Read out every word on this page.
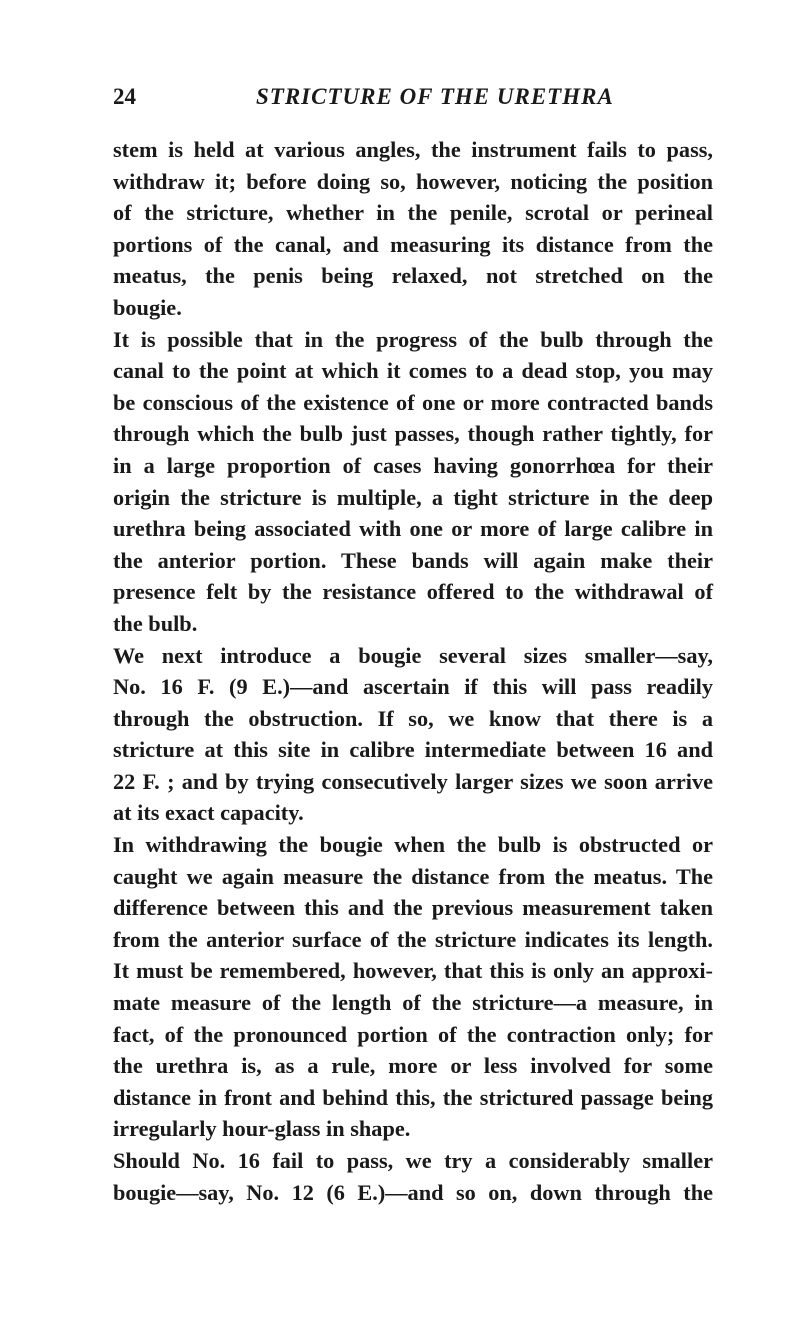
24	STRICTURE OF THE URETHRA
stem is held at various angles, the instrument fails to pass,
withdraw it; before doing so, however, noticing the position
of the stricture, whether in the penile, scrotal or perineal
portions of the canal, and measuring its distance from the
meatus, the penis being relaxed, not stretched on the
bougie.
It is possible that in the progress of the bulb through the
canal to the point at which it comes to a dead stop, you may
be conscious of the existence of one or more contracted bands
through which the bulb just passes, though rather tightly, for
in a large proportion of cases having gonorrhœa for their
origin the stricture is multiple, a tight stricture in the deep
urethra being associated with one or more of large calibre in
the anterior portion. These bands will again make their
presence felt by the resistance offered to the withdrawal of
the bulb.
We next introduce a bougie several sizes smaller—say,
No. 16 F. (9 E.)—and ascertain if this will pass readily
through the obstruction. If so, we know that there is a
stricture at this site in calibre intermediate between 16 and
22 F. ; and by trying consecutively larger sizes we soon arrive
at its exact capacity.
In withdrawing the bougie when the bulb is obstructed or
caught we again measure the distance from the meatus. The
difference between this and the previous measurement taken
from the anterior surface of the stricture indicates its length.
It must be remembered, however, that this is only an approxi-
mate measure of the length of the stricture—a measure, in
fact, of the pronounced portion of the contraction only; for
the urethra is, as a rule, more or less involved for some
distance in front and behind this, the strictured passage being
irregularly hour-glass in shape.
Should No. 16 fail to pass, we try a considerably smaller
bougie—say, No. 12 (6 E.)—and so on, down through the
